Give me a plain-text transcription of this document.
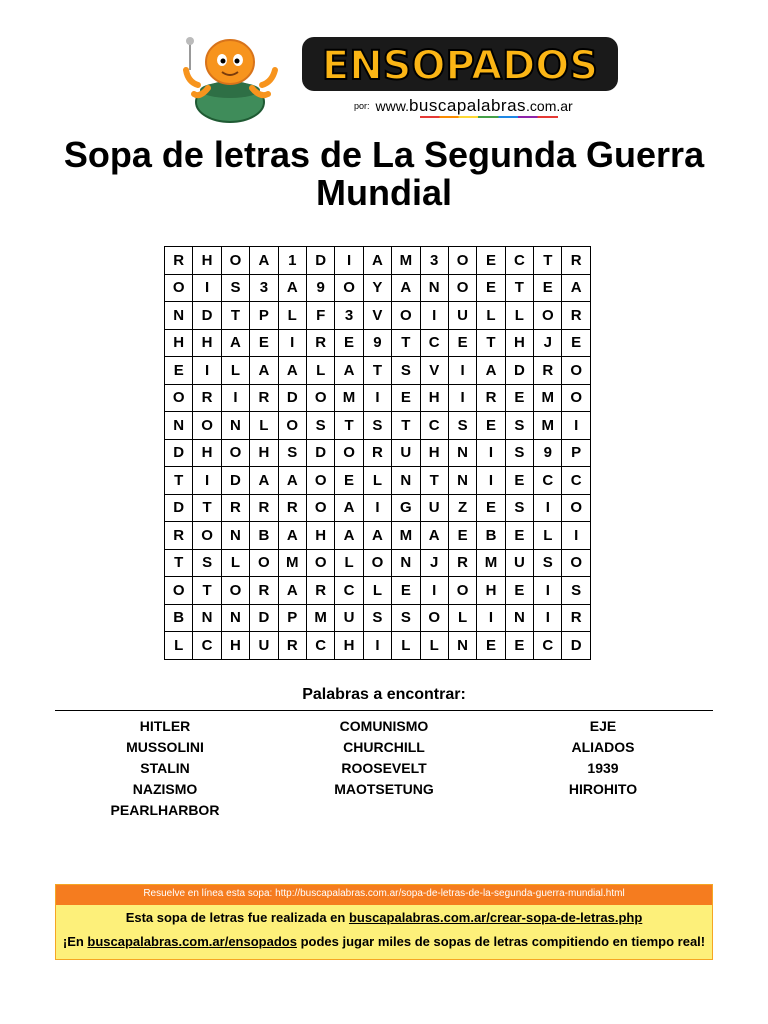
ENSOPADOS
por: www.buscapalabras.com.ar
Sopa de letras de La Segunda Guerra Mundial
R	H	O	A	1	D	I	A	M	3	O	E	C	T	R
O	I	S	3	A	9	O	Y	A	N	O	E	T	E	A
N	D	T	P	L	F	3	V	O	I	U	L	L	O	R
H	H	A	E	I	R	E	9	T	C	E	T	H	J	E
E	I	L	A	A	L	A	T	S	V	I	A	D	R	O
O	R	I	R	D	O	M	I	E	H	I	R	E	M	O
N	O	N	L	O	S	T	S	T	C	S	E	S	M	I
D	H	O	H	S	D	O	R	U	H	N	I	S	9	P
T	I	D	A	A	O	E	L	N	T	N	I	E	C	C
D	T	R	R	R	O	A	I	G	U	Z	E	S	I	O
R	O	N	B	A	H	A	A	M	A	E	B	E	L	I
T	S	L	O	M	O	L	O	N	J	R	M	U	S	O
O	T	O	R	A	R	C	L	E	I	O	H	E	I	S
B	N	N	D	P	M	U	S	S	O	L	I	N	I	R
L	C	H	U	R	C	H	I	L	L	N	E	E	C	D
Palabras a encontrar:
HITLER
MUSSOLINI
STALIN
NAZISMO
PEARLHARBOR
COMUNISMO
CHURCHILL
ROOSEVELT
MAOTSETUNG
EJE
ALIADOS
1939
HIROHITO
Resuelve en línea esta sopa: http://buscapalabras.com.ar/sopa-de-letras-de-la-segunda-guerra-mundial.html
Esta sopa de letras fue realizada en buscapalabras.com.ar/crear-sopa-de-letras.php
¡En buscapalabras.com.ar/ensopados podes jugar miles de sopas de letras compitiendo en tiempo real!
